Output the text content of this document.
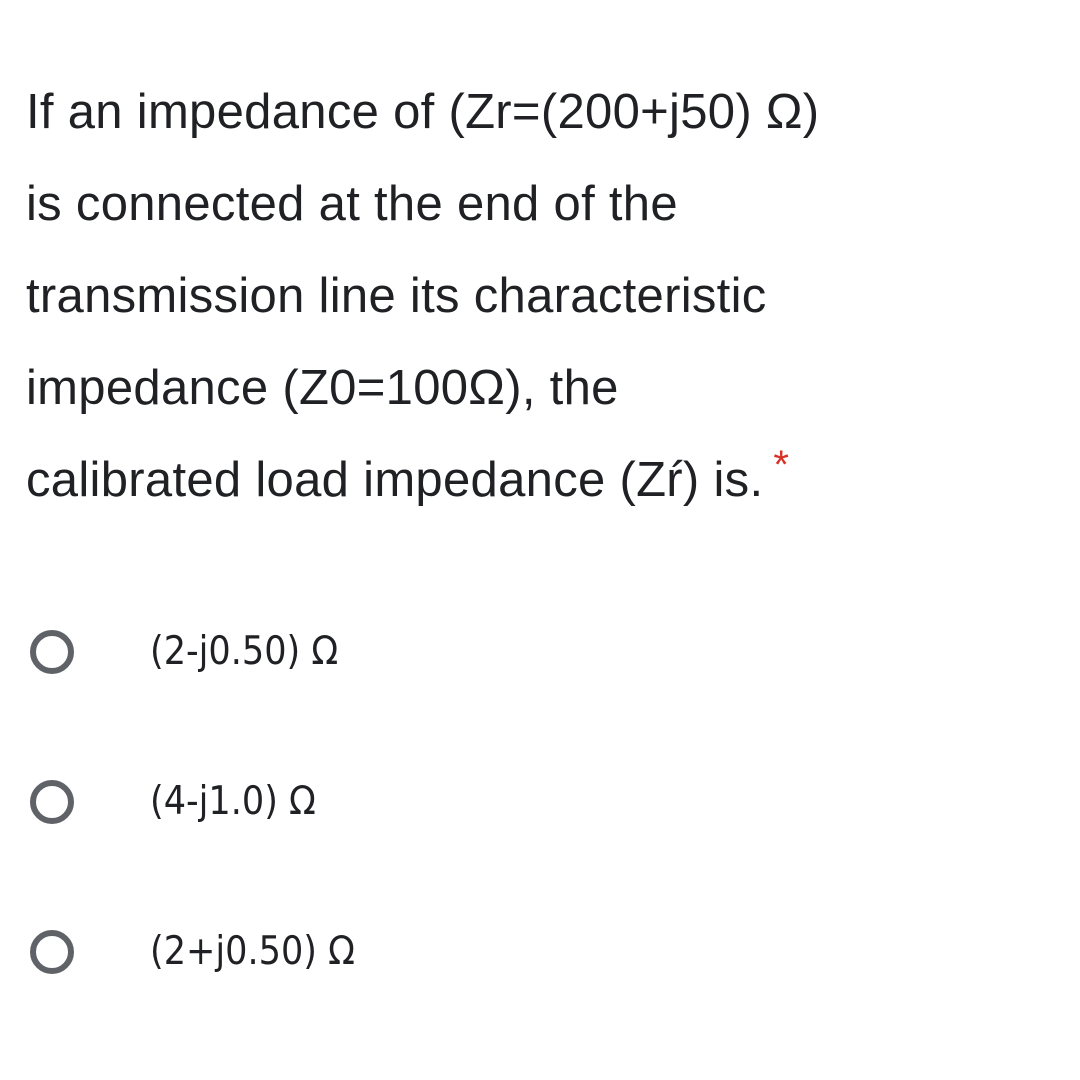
If an impedance of (Zr=(200+j50) Ω)
is connected at the end of the
transmission line its characteristic
impedance (Z0=100Ω), the
calibrated load impedance (Zŕ) is. *
(2-j0.50) Ω
(4-j1.0) Ω
(2+j0.50) Ω
